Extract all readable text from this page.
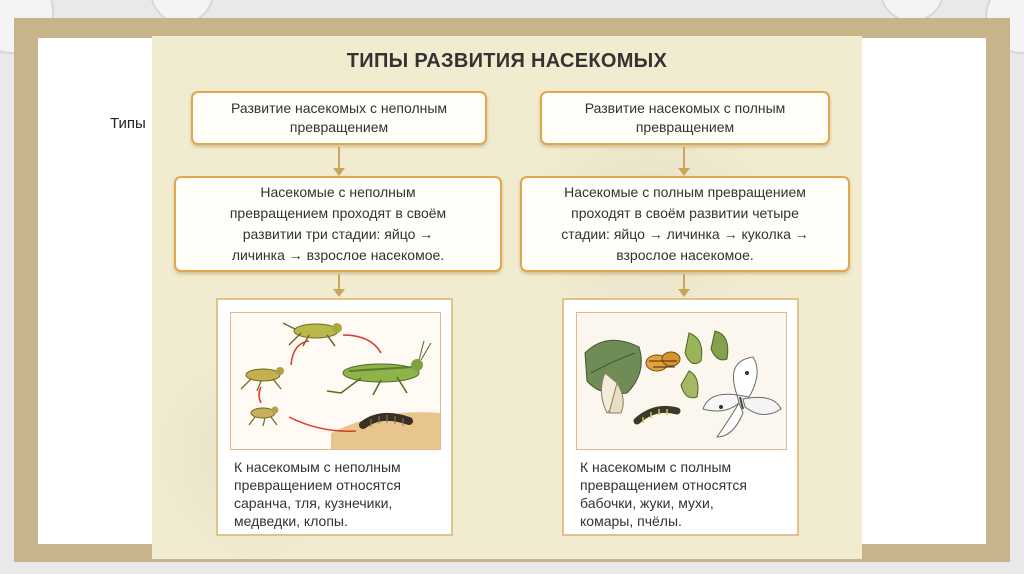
Типы
ТИПЫ РАЗВИТИЯ НАСЕКОМЫХ
Развитие насекомых с неполным
превращением
Насекомые с неполным
превращением проходят в своём
развитии три стадии: яйцо →
личинка → взрослое насекомое.
К насекомым с неполным
превращением относятся
саранча, тля, кузнечики,
медведки, клопы.
Развитие насекомых с полным
превращением
Насекомые с полным превращением
проходят в своём развитии четыре
стадии: яйцо → личинка → куколка →
взрослое насекомое.
К насекомым с полным
превращением относятся
бабочки, жуки, мухи,
комары, пчёлы.
